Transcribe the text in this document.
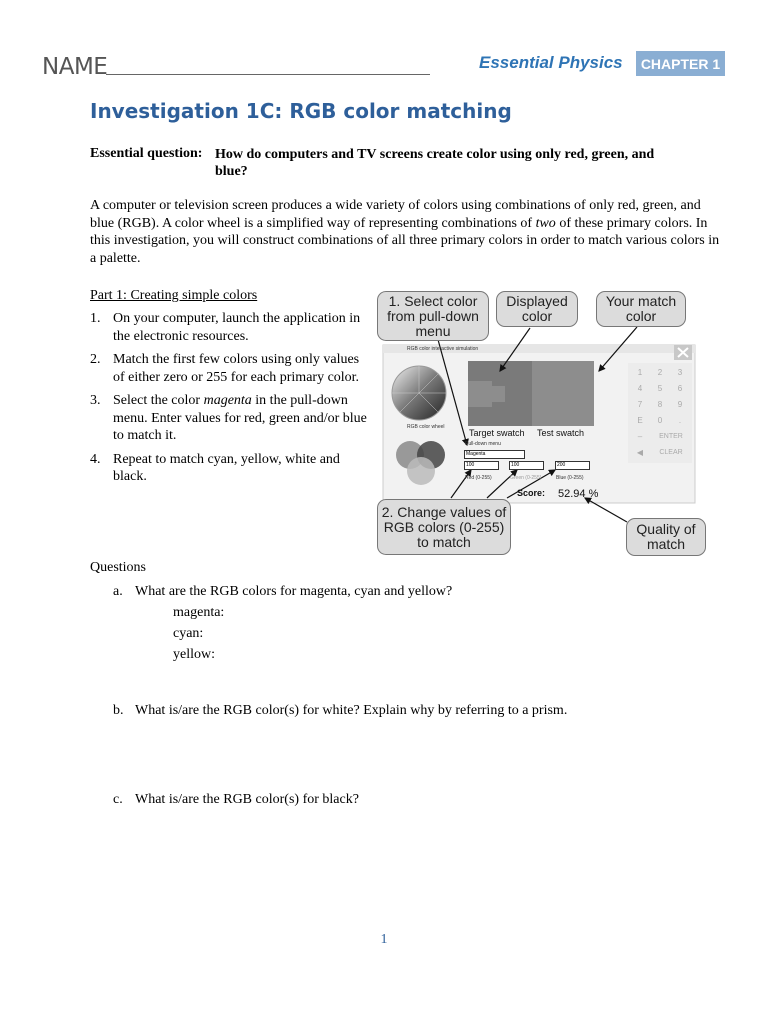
NAME	Essential Physics	CHAPTER 1
Investigation 1C: RGB color matching
Essential question: How do computers and TV screens create color using only red, green, and blue?
A computer or television screen produces a wide variety of colors using combinations of only red, green, and blue (RGB). A color wheel is a simplified way of representing combinations of two of these primary colors. In this investigation, you will construct combinations of all three primary colors in order to match various colors in a palette.
Part 1: Creating simple colors
1. On your computer, launch the application in the electronic resources.
2. Match the first few colors using only values of either zero or 255 for each primary color.
3. Select the color magenta in the pull-down menu. Enter values for red, green and/or blue to match it.
4. Repeat to match cyan, yellow, white and black.
RGB color interactive simulation
RGB color wheel
Target swatch Test swatch
Pull-down menu
Magenta
100	100	200
Red (0-255)	Green (0-255)	Blue (0-255)
Score: 52.94 %
1	2	3
4	5	6
7	8	9
E	0	.
–	ENTER
◀	CLEAR
1. Select color from pull-down menu
Displayed color
Your match color
2. Change values of RGB colors (0-255) to match
Quality of match
Questions
a. What are the RGB colors for magenta, cyan and yellow?
magenta:
cyan:
yellow:
b. What is/are the RGB color(s) for white? Explain why by referring to a prism.
c. What is/are the RGB color(s) for black?
1
